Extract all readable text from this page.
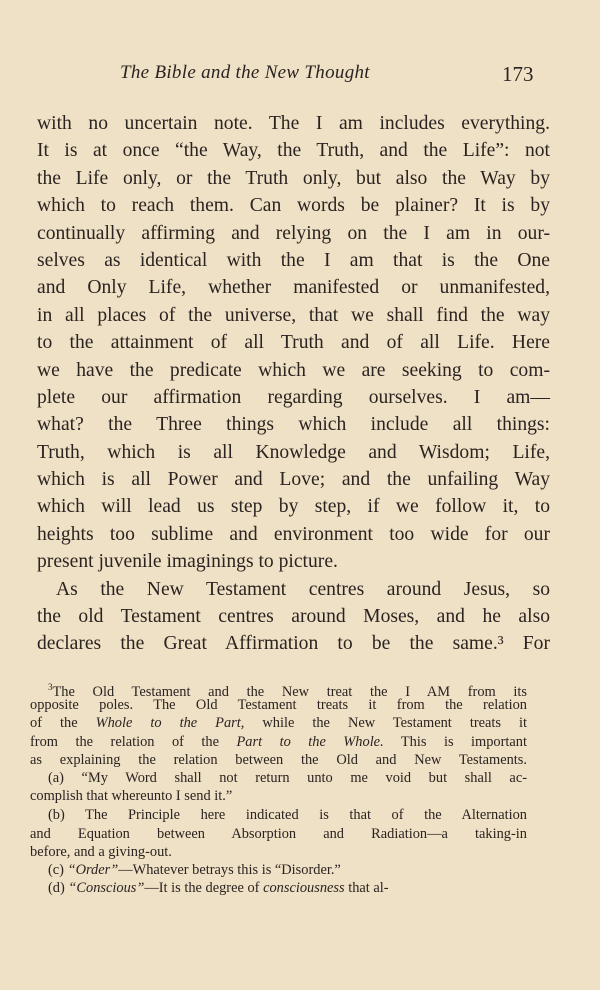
The Bible and the New Thought	173
with no uncertain note. The I am includes everything.
It is at once “the Way, the Truth, and the Life”: not
the Life only, or the Truth only, but also the Way by
which to reach them. Can words be plainer? It is by
continually affirming and relying on the I am in our-
selves as identical with the I am that is the One
and Only Life, whether manifested or unmanifested,
in all places of the universe, that we shall find the way
to the attainment of all Truth and of all Life. Here
we have the predicate which we are seeking to com-
plete our affirmation regarding ourselves. I am—
what? the Three things which include all things:
Truth, which is all Knowledge and Wisdom; Life,
which is all Power and Love; and the unfailing Way
which will lead us step by step, if we follow it, to
heights too sublime and environment too wide for our
present juvenile imaginings to picture.
As the New Testament centres around Jesus, so
the old Testament centres around Moses, and he also
declares the Great Affirmation to be the same.³ For
$^3$The Old Testament and the New treat the I AM from its
opposite poles. The Old Testament treats it from the relation
of the Whole to the Part, while the New Testament treats it
from the relation of the Part to the Whole. This is important
as explaining the relation between the Old and New Testaments.
(a) “My Word shall not return unto me void but shall ac-
complish that whereunto I send it.”
(b) The Principle here indicated is that of the Alternation
and Equation between Absorption and Radiation—a taking-in
before, and a giving-out.
(c) “Order”—Whatever betrays this is “Disorder.”
(d) “Conscious”—It is the degree of consciousness that al-
